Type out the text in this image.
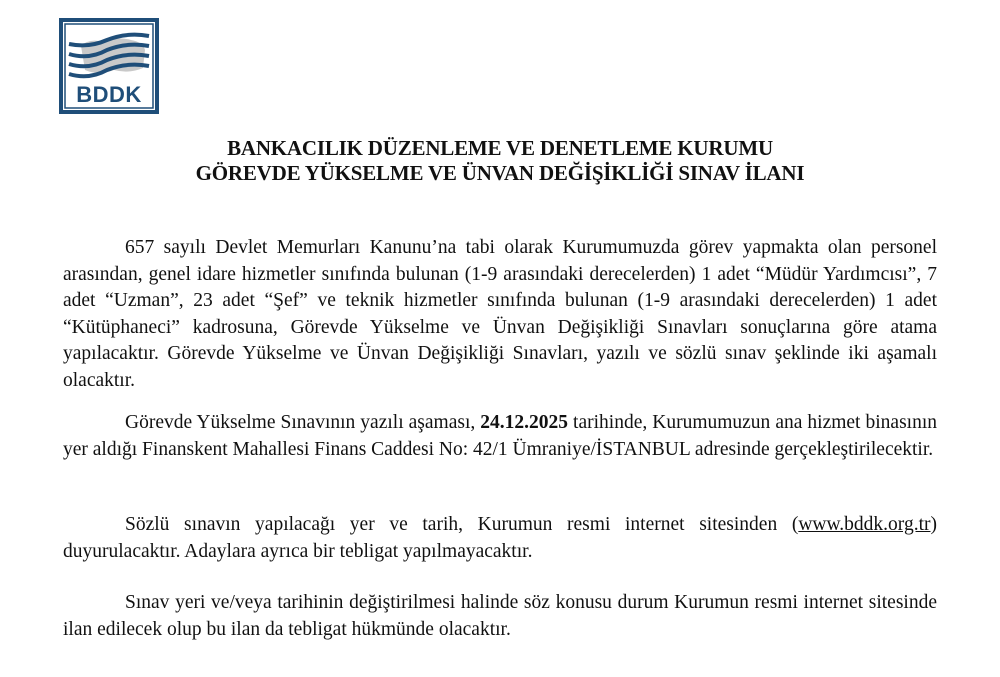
BDDK
BANKACILIK DÜZENLEME VE DENETLEME KURUMU
GÖREVDE YÜKSELME VE ÜNVAN DEĞİŞİKLİĞİ SINAV İLANI

657 sayılı Devlet Memurları Kanunu’na tabi olarak Kurumumuzda görev yapmakta olan personel arasından, genel idare hizmetler sınıfında bulunan (1-9 arasındaki derecelerden) 1 adet “Müdür Yardımcısı”, 7 adet “Uzman”, 23 adet “Şef” ve teknik hizmetler sınıfında bulunan (1-9 arasındaki derecelerden) 1 adet “Kütüphaneci” kadrosuna, Görevde Yükselme ve Ünvan Değişikliği Sınavları sonuçlarına göre atama yapılacaktır. Görevde Yükselme ve Ünvan Değişikliği Sınavları, yazılı ve sözlü sınav şeklinde iki aşamalı olacaktır.

Görevde Yükselme Sınavının yazılı aşaması, 24.12.2025 tarihinde, Kurumumuzun ana hizmet binasının yer aldığı Finanskent Mahallesi Finans Caddesi No: 42/1 Ümraniye/İSTANBUL adresinde gerçekleştirilecektir.

Sözlü sınavın yapılacağı yer ve tarih, Kurumun resmi internet sitesinden (www.bddk.org.tr) duyurulacaktır. Adaylara ayrıca bir tebligat yapılmayacaktır.

Sınav yeri ve/veya tarihinin değiştirilmesi halinde söz konusu durum Kurumun resmi internet sitesinde ilan edilecek olup bu ilan da tebligat hükmünde olacaktır.
